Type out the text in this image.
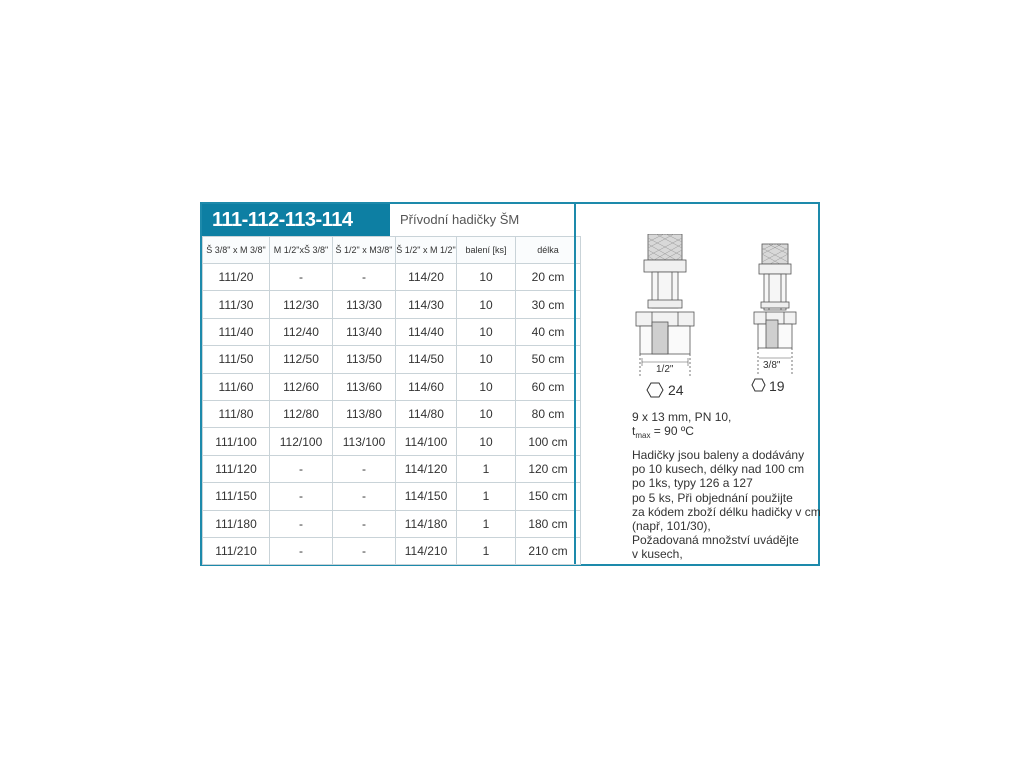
111-112-113-114	Přívodní hadičky ŠM
Š 3/8" x M 3/8"	M 1/2"xŠ 3/8"	Š 1/2" x M3/8"	Š 1/2" x M 1/2"	balení [ks]	délka
111/20	-	-	114/20	10	20 cm
111/30	112/30	113/30	114/30	10	30 cm
111/40	112/40	113/40	114/40	10	40 cm
111/50	112/50	113/50	114/50	10	50 cm
111/60	112/60	113/60	114/60	10	60 cm
111/80	112/80	113/80	114/80	10	80 cm
111/100	112/100	113/100	114/100	10	100 cm
111/120	-	-	114/120	1	120 cm
111/150	-	-	114/150	1	150 cm
111/180	-	-	114/180	1	180 cm
111/210	-	-	114/210	1	210 cm
1/2"
24
3/8"
19
9 x 13 mm, PN 10,
$t_{max} = 90$ ºC
Hadičky jsou baleny a dodávány
po 10 kusech, délky nad 100 cm
po 1ks, typy 126 a 127
po 5 ks, Při objednání použijte
za kódem zboží délku hadičky v cm
(např, 101/30),
Požadovaná množství uvádějte
v kusech,
